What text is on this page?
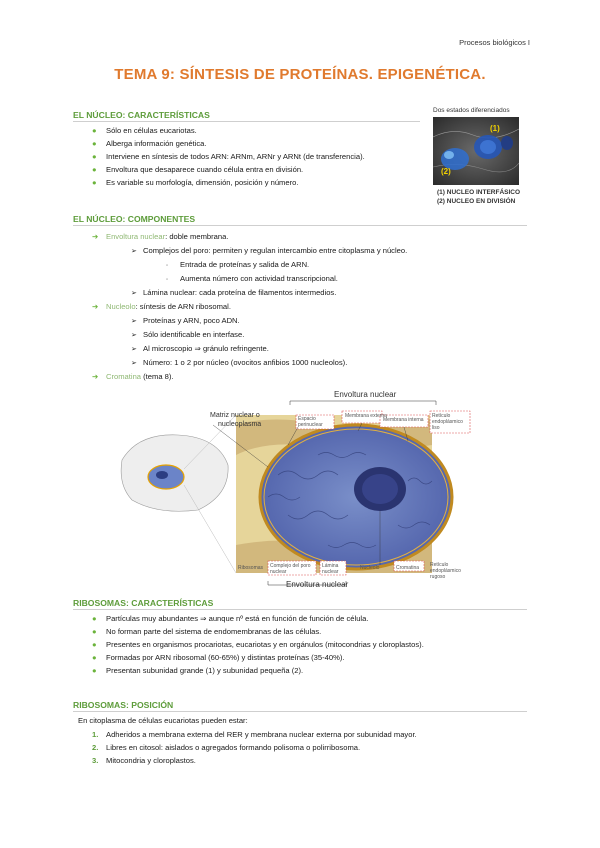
Procesos biológicos I
TEMA 9: SÍNTESIS DE PROTEÍNAS. EPIGENÉTICA.
EL NÚCLEO: CARACTERÍSTICAS
● Sólo en células eucariotas.
● Alberga información genética.
● Interviene en síntesis de todos ARN: ARNm, ARNr y ARNt (de transferencia).
● Envoltura que desaparece cuando célula entra en división.
● Es variable su morfología, dimensión, posición y número.
Dos estados diferenciados
(1)
(2)
(1) NUCLEO INTERFÁSICO
(2) NUCLEO EN DIVISIÓN
EL NÚCLEO: COMPONENTES
➔ Envoltura nuclear: doble membrana.
➢ Complejos del poro: permiten y regulan intercambio entre citoplasma y núcleo.
▫ Entrada de proteínas y salida de ARN.
▫ Aumenta número con actividad transcripcional.
➢ Lámina nuclear: cada proteína de filamentos intermedios.
➔ Nucleolo: síntesis de ARN ribosomal.
➢ Proteínas y ARN, poco ADN.
➢ Sólo identificable en interfase.
➢ Al microscopio ⇒ gránulo refringente.
➢ Número: 1 o 2 por núcleo (ovocitos anfibios 1000 nucleolos).
➔ Cromatina (tema 8).
Envoltura nuclear
Matriz nuclear o
nucleoplasma
Espacio perinuclear
Membrana externa
Membrana interna
Retículo endoplásmico liso
Ribosomas Complejo del poro nuclear
Lámina nuclear
Nucleolo	Cromatina Retículo endoplásmico rugoso
Envoltura nuclear
RIBOSOMAS: CARACTERÍSTICAS
● Partículas muy abundantes ⇒ aunque nº está en función de función de célula.
● No forman parte del sistema de endomembranas de las células.
● Presentes en organismos procariotas, eucariotas y en orgánulos (mitocondrias y cloroplastos).
● Formadas por ARN ribosomal (60-65%) y distintas proteínas (35-40%).
● Presentan subunidad grande (1) y subunidad pequeña (2).
RIBOSOMAS: POSICIÓN
En citoplasma de células eucariotas pueden estar:
1. Adheridos a membrana externa del RER y membrana nuclear externa por subunidad mayor.
2. Libres en citosol: aislados o agregados formando polisoma o polirribosoma.
3. Mitocondria y cloroplastos.
